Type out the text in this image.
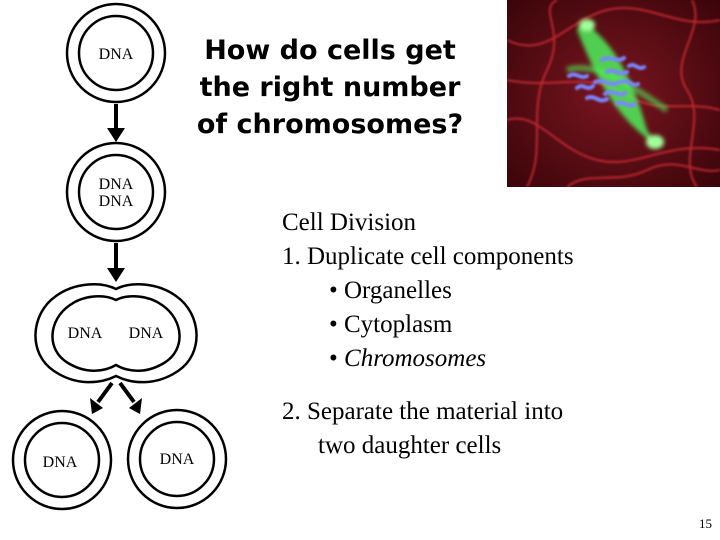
DNA
DNA
DNA
DNA DNA
DNA	DNA
How do cells get
the right number
of chromosomes?
Cell Division
1. Duplicate cell components
• Organelles
• Cytoplasm
• Chromosomes
2. Separate the material into
two daughter cells
15
